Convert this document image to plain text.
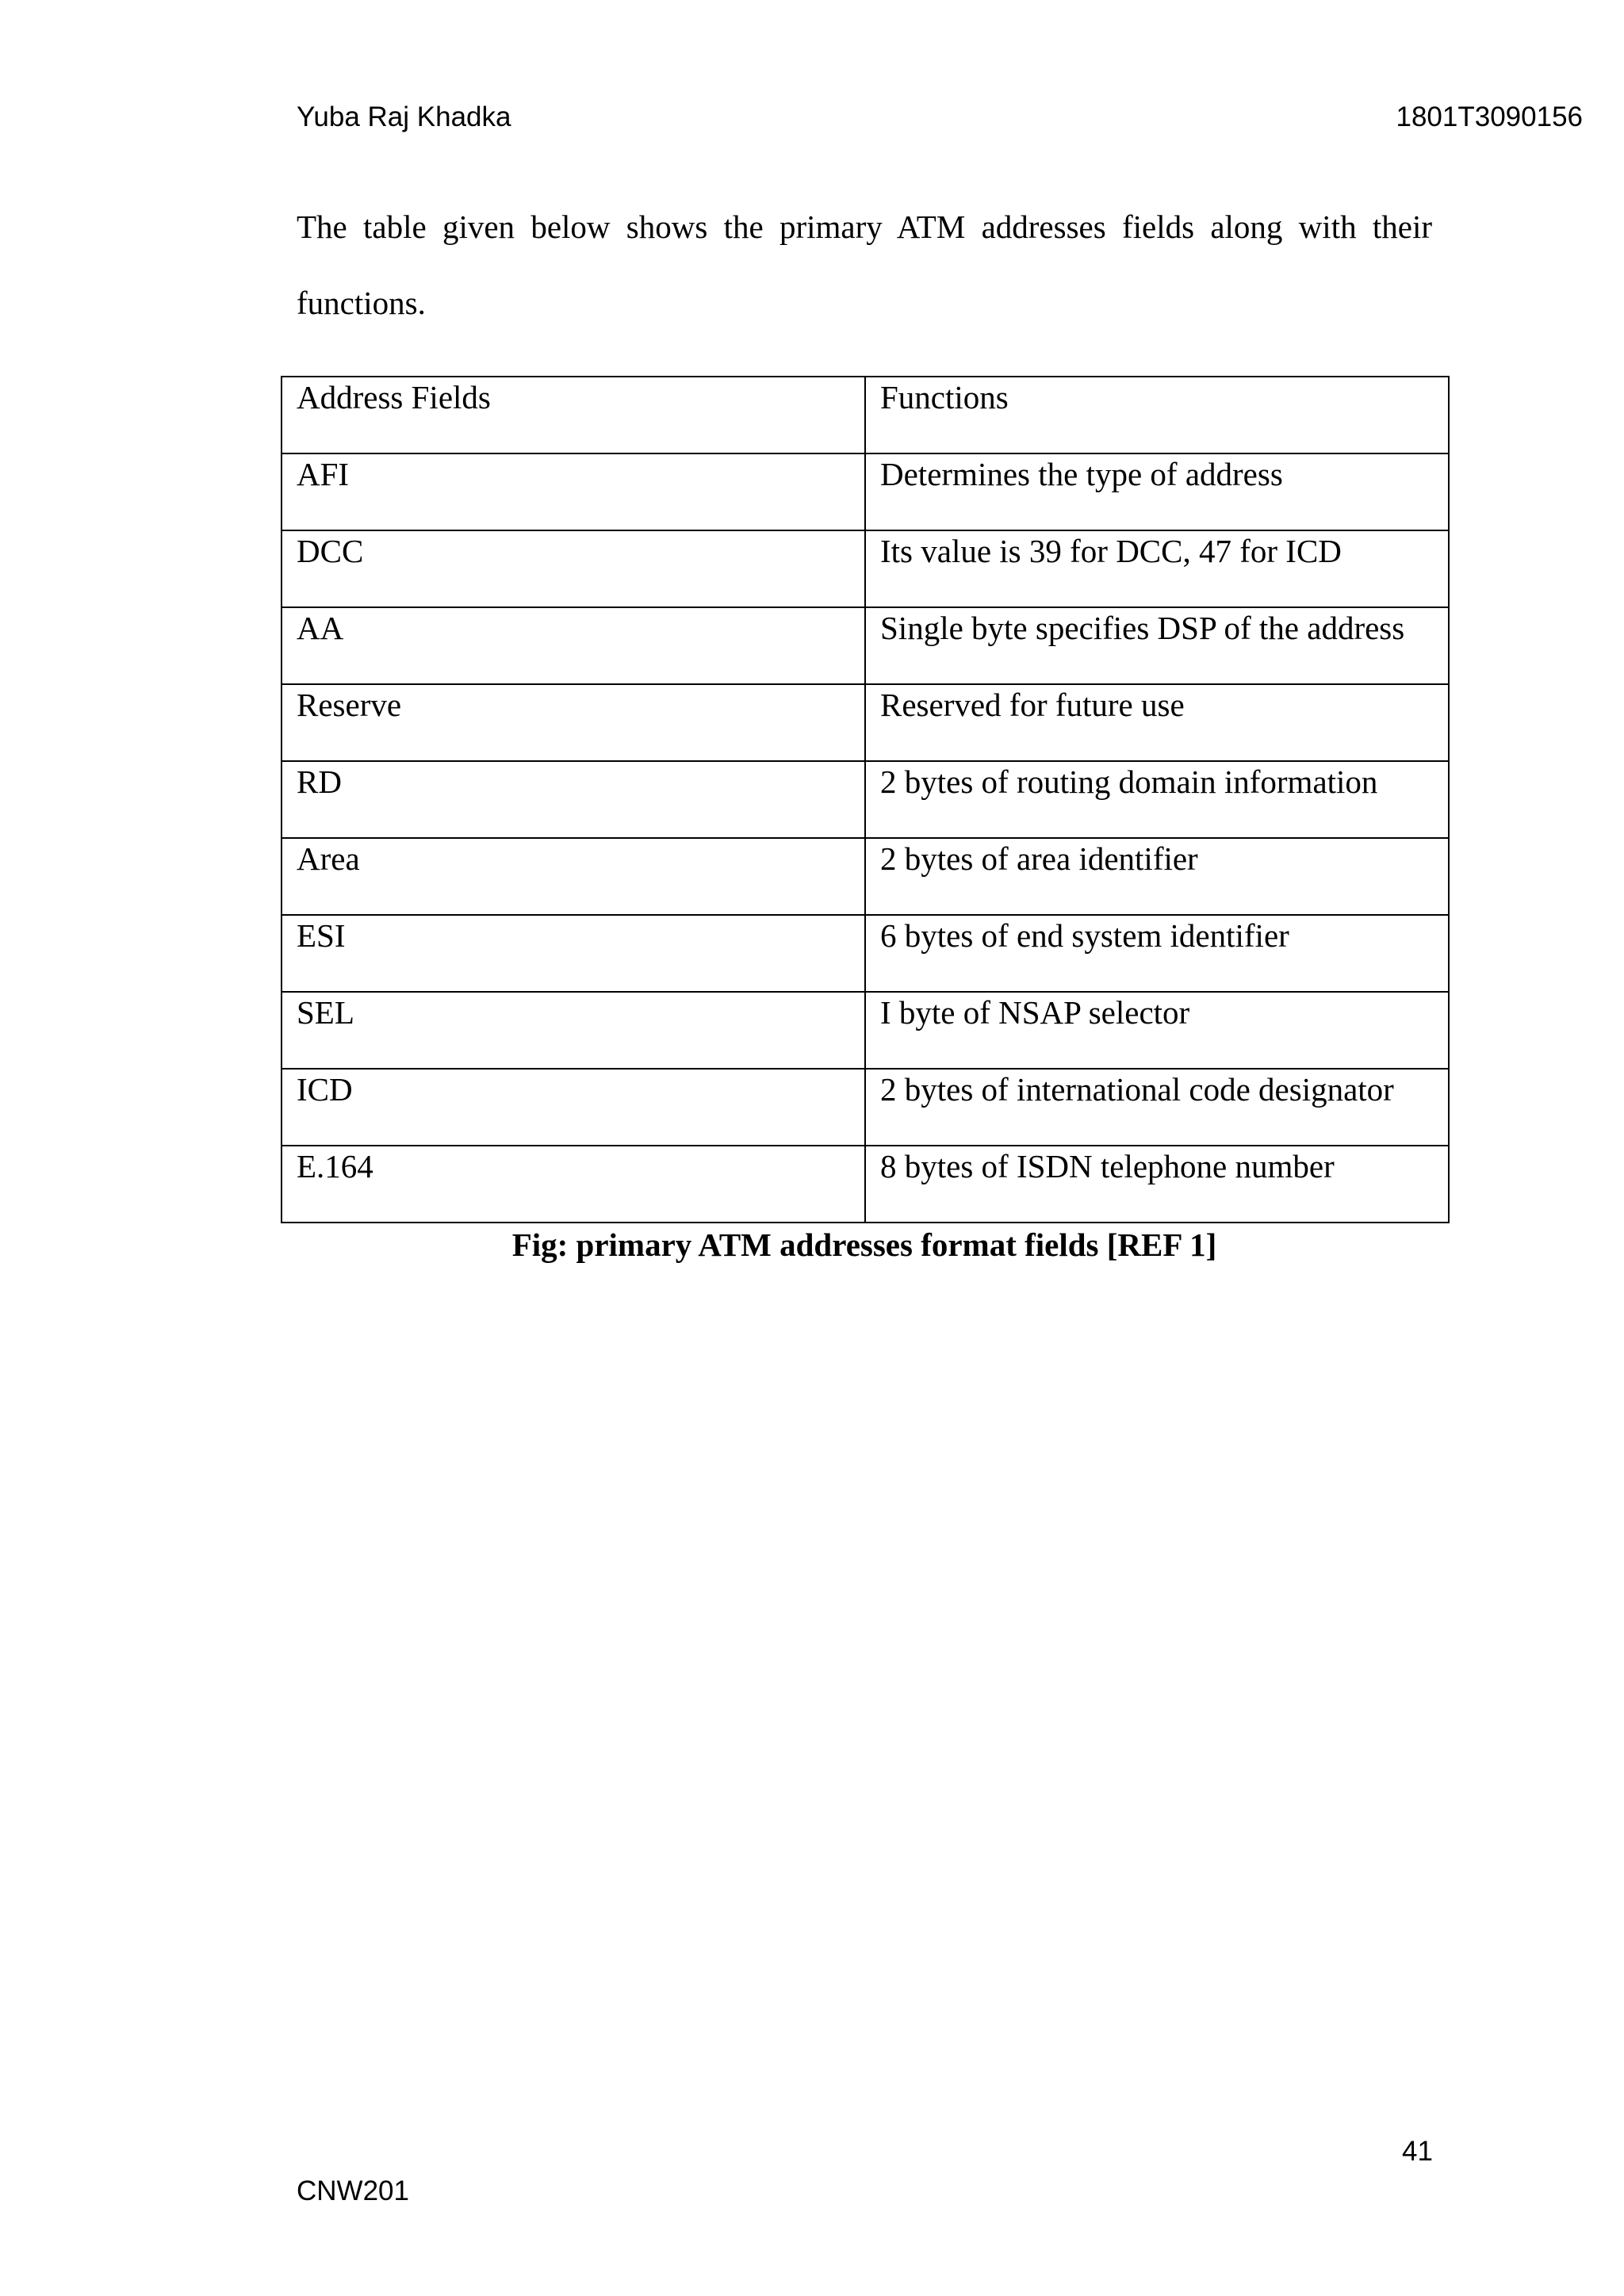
Yuba Raj Khadka	1801T3090156

The table given below shows the primary ATM addresses fields along with their functions.

Address Fields	Functions
AFI	Determines the type of address
DCC	Its value is 39 for DCC, 47 for ICD
AA	Single byte specifies DSP of the address
Reserve	Reserved for future use
RD	2 bytes of routing domain information
Area	2 bytes of area identifier
ESI	6 bytes of end system identifier
SEL	I byte of NSAP selector
ICD	2 bytes of international code designator
E.164	8 bytes of ISDN telephone number
Fig: primary ATM addresses format fields [REF 1]
41
CNW201
